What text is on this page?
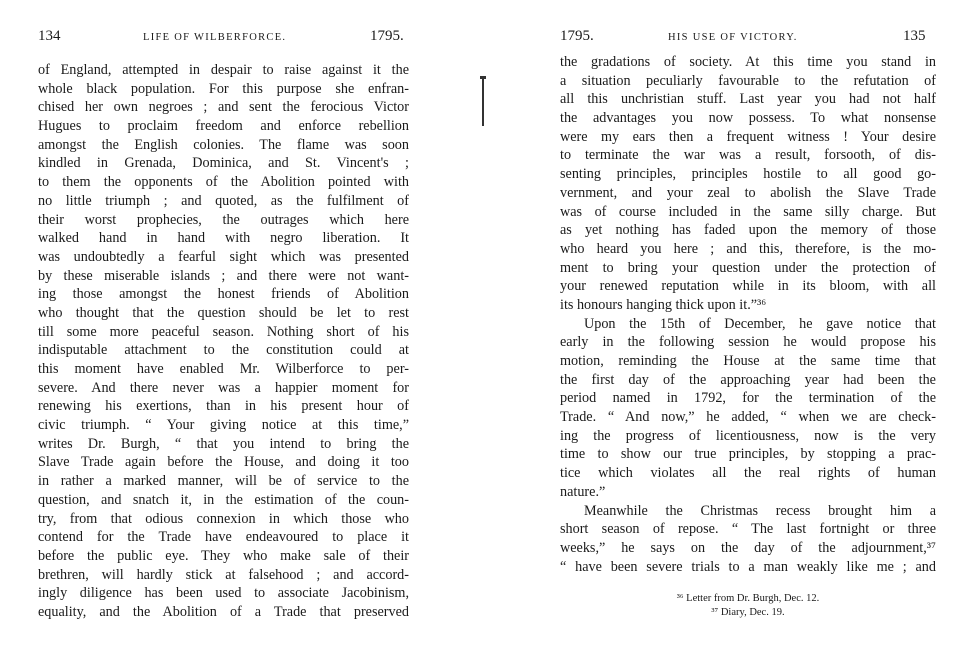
134	LIFE OF WILBERFORCE.	1795.
of England, attempted in despair to raise against it the
whole black population. For this purpose she enfran-
chised her own negroes ; and sent the ferocious Victor
Hugues to proclaim freedom and enforce rebellion
amongst the English colonies. The flame was soon
kindled in Grenada, Dominica, and St. Vincent's ;
to them the opponents of the Abolition pointed with
no little triumph ; and quoted, as the fulfilment of
their worst prophecies, the outrages which here
walked hand in hand with negro liberation. It
was undoubtedly a fearful sight which was presented
by these miserable islands ; and there were not want-
ing those amongst the honest friends of Abolition
who thought that the question should be let to rest
till some more peaceful season. Nothing short of his
indisputable attachment to the constitution could at
this moment have enabled Mr. Wilberforce to per-
severe. And there never was a happier moment for
renewing his exertions, than in his present hour of
civic triumph. “ Your giving notice at this time,”
writes Dr. Burgh, “ that you intend to bring the
Slave Trade again before the House, and doing it too
in rather a marked manner, will be of service to the
question, and snatch it, in the estimation of the coun-
try, from that odious connexion in which those who
contend for the Trade have endeavoured to place it
before the public eye. They who make sale of their
brethren, will hardly stick at falsehood ; and accord-
ingly diligence has been used to associate Jacobinism,
equality, and the Abolition of a Trade that preserved
1795.	HIS USE OF VICTORY.	135
the gradations of society. At this time you stand in
a situation peculiarly favourable to the refutation of
all this unchristian stuff. Last year you had not half
the advantages you now possess. To what nonsense
were my ears then a frequent witness ! Your desire
to terminate the war was a result, forsooth, of dis-
senting principles, principles hostile to all good go-
vernment, and your zeal to abolish the Slave Trade
was of course included in the same silly charge. But
as yet nothing has faded upon the memory of those
who heard you here ; and this, therefore, is the mo-
ment to bring your question under the protection of
your renewed reputation while in its bloom, with all
its honours hanging thick upon it.”³⁶
Upon the 15th of December, he gave notice that
early in the following session he would propose his
motion, reminding the House at the same time that
the first day of the approaching year had been the
period named in 1792, for the termination of the
Trade. “ And now,” he added, “ when we are check-
ing the progress of licentiousness, now is the very
time to show our true principles, by stopping a prac-
tice which violates all the real rights of human
nature.”
Meanwhile the Christmas recess brought him a
short season of repose. “ The last fortnight or three
weeks,” he says on the day of the adjournment,³⁷
“ have been severe trials to a man weakly like me ; and
³⁶ Letter from Dr. Burgh, Dec. 12.
³⁷ Diary, Dec. 19.
